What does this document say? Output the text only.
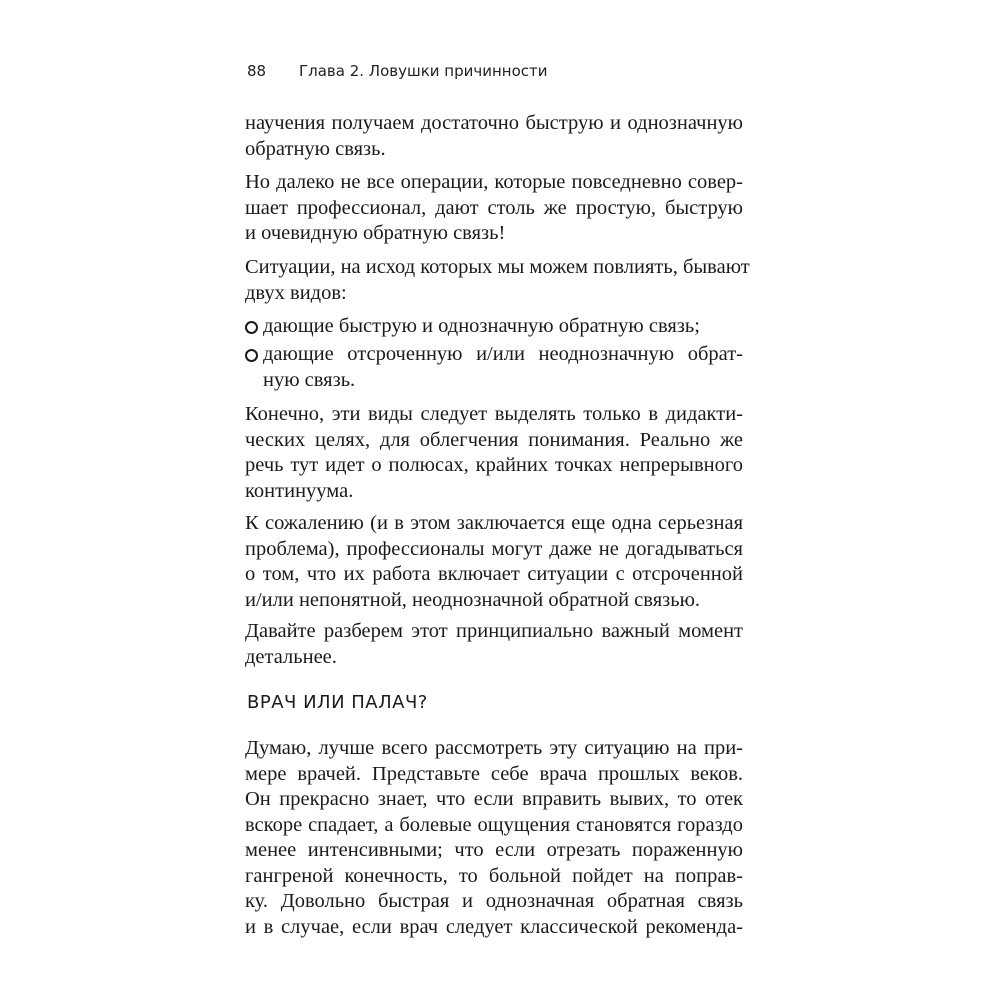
88 Глава 2. Ловушки причинности
научения получаем достаточно быструю и однозначную
обратную связь.
Но далеко не все операции, которые повседневно совер-
шает профессионал, дают столь же простую, быструю
и очевидную обратную связь!
Ситуации, на исход которых мы можем повлиять, бывают
двух видов:
дающие быструю и однозначную обратную связь;
дающие отсроченную и/или неоднозначную обрат-
ную связь.
Конечно, эти виды следует выделять только в дидакти-
ческих целях, для облегчения понимания. Реально же
речь тут идет о полюсах, крайних точках непрерывного
континуума.
К сожалению (и в этом заключается еще одна серьезная
проблема), профессионалы могут даже не догадываться
о том, что их работа включает ситуации с отсроченной
и/или непонятной, неоднозначной обратной связью.
Давайте разберем этот принципиально важный момент
детальнее.
ВРАЧ ИЛИ ПАЛАЧ?
Думаю, лучше всего рассмотреть эту ситуацию на при-
мере врачей. Представьте себе врача прошлых веков.
Он прекрасно знает, что если вправить вывих, то отек
вскоре спадает, а болевые ощущения становятся гораздо
менее интенсивными; что если отрезать пораженную
гангреной конечность, то больной пойдет на поправ-
ку. Довольно быстрая и однозначная обратная связь
и в случае, если врач следует классической рекоменда-
